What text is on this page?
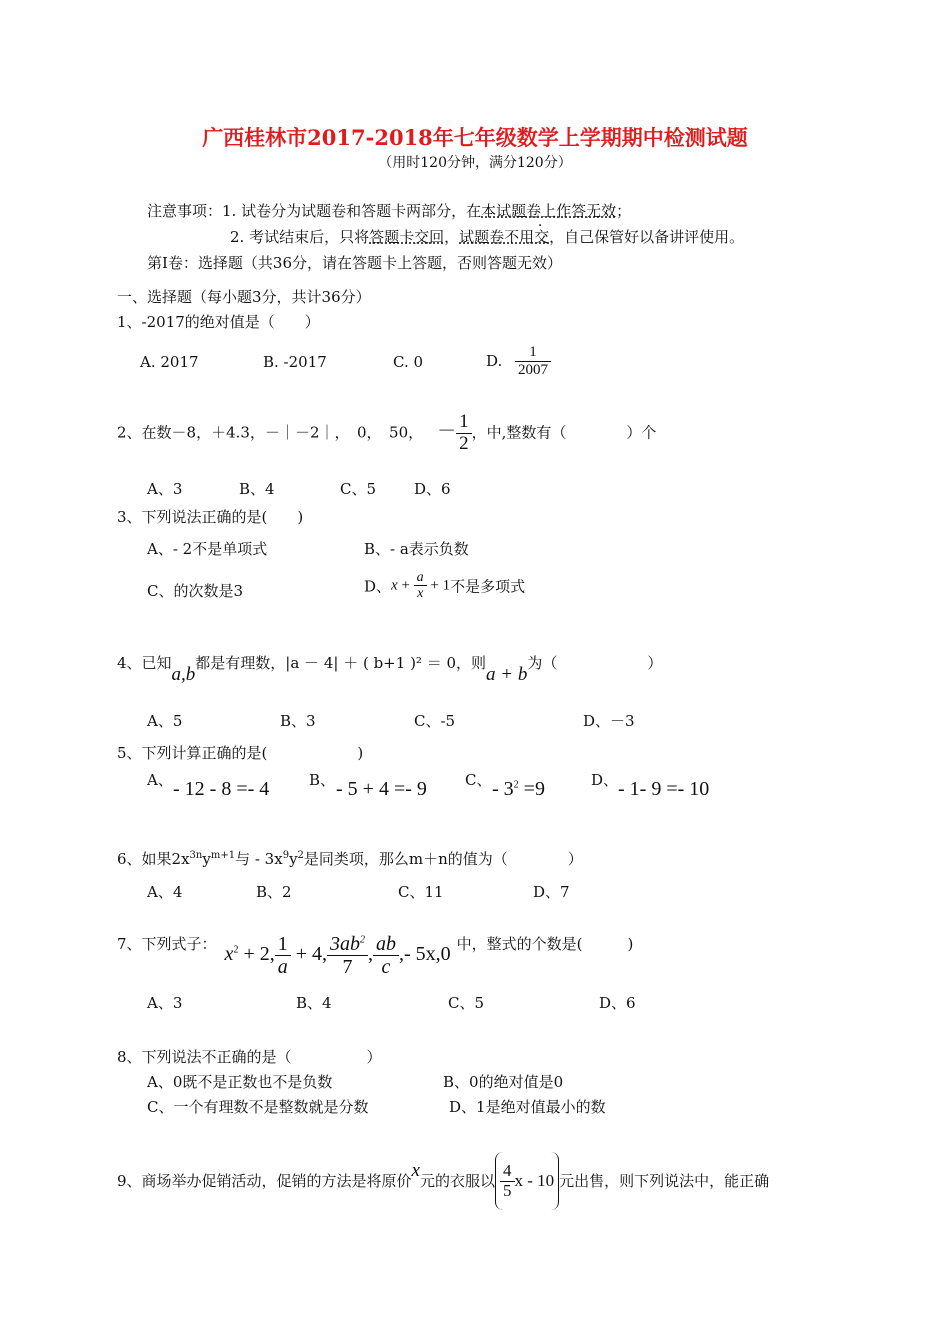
广西桂林市2017-2018年七年级数学上学期期中检测试题
（用时120分钟，满分120分）
注意事项：1. 试卷分为试题卷和答题卡两部分，在本试题卷上作答无效 .；
2. 考试结束后，只将答题卡交回，试题卷不用交，自己保管好以备讲评使用。
第I卷：选择题（共36分，请在答题卡上答题，否则答题无效）
一、选择题（每小题3分，共计36分）
1、-2017的绝对值是（　　）
A. 2017	B. -2017	C. 0	D. $\frac{1}{2007}$
2、在数－8，＋4.3，－｜－2｜，　0，　50， － $\frac{1}{2}$ ，中,整数有（　　　　）个
A、3	B、4	C、5	D、6
3、下列说法正确的是(　　)
A、- 2不是单项式	B、- a表示负数
C、的次数是3	D、$x + \frac{a}{x} + 1$不是多项式
4、已知a,b都是有理数，|a － 4| ＋ ( b+1 )² ＝ 0，则a + b为（　　　　　　）
A、5	B、3	C、-5	D、－3
5、下列计算正确的是(　　　　　　)
A、 - 12 - 8 =- 4	B、 - 5 + 4 =- 9	C、 - $3^2 =9$	D、 - 1- 9 =- 10
6、如果$2x^{3n}y^{m+1}$与 - $3x^9y^2$是同类项，那么m＋n的值为（　　　　）
A、4	B、2	C、11	D、7
7、下列式子： $x^2 + 2$, $\frac{1}{a} + 4$, $\frac{3ab^2}{7}$ , $\frac{ab}{c}$ ,- 5x,0 中，整式的个数是(　　　)
A、3	B、4	C、5	D、6
8、下列说法不正确的是（　　　　　）
A、0既不是正数也不是负数	B、0的绝对值是0
C、一个有理数不是整数就是分数	D、1是绝对值最小的数
9、商场举办促销活动，促销的方法是将原价x元的衣服以 $\frac{4}{5}$ x - 10 元出售，则下列说法中，能正确
